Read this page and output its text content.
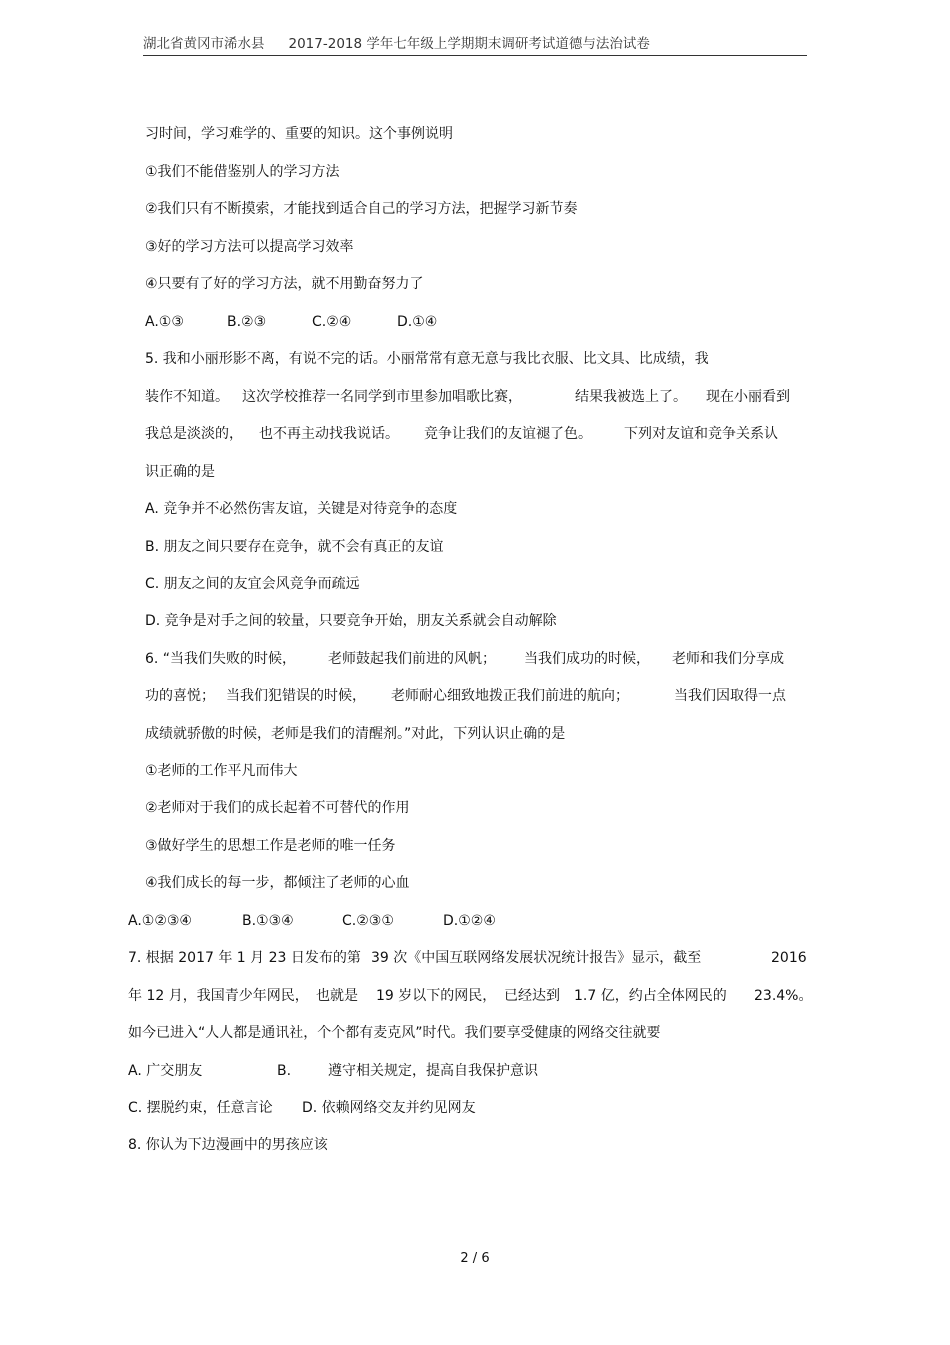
湖北省黄冈市浠水县 2017-2018 学年七年级上学期期末调研考试道德与法治试卷
习时间，学习难学的、重要的知识。这个事例说明
①我们不能借鉴别人的学习方法
②我们只有不断摸索，才能找到适合自己的学习方法，把握学习新节奏
③好的学习方法可以提高学习效率
④只要有了好的学习方法，就不用勤奋努力了
A.①③	B.②③	C.②④	D.①④
5. 我和小丽形影不离，有说不完的话。小丽常常有意无意与我比衣服、比文具、比成绩，我
装作不知道。 这次学校推荐一名同学到市里参加唱歌比赛，	结果我被选上了。 现在小丽看到
我总是淡淡的， 也不再主动找我说话。 竞争让我们的友谊褪了色。 下列对友谊和竞争关系认
识正确的是
A. 竞争并不必然伤害友谊，关键是对待竞争的态度
B. 朋友之间只要存在竞争，就不会有真正的友谊
C. 朋友之间的友宜会风竞争而疏远
D. 竞争是对手之间的较量，只要竞争开始，朋友关系就会自动解除
6. “当我们失败的时候， 老师鼓起我们前进的风帆； 当我们成功的时候， 老师和我们分享成
功的喜悦； 当我们犯错误的时候， 老师耐心细致地拨正我们前进的航向；	当我们因取得一点
成绩就骄傲的时候，老师是我们的清醒剂。”对此，下列认识止确的是
①老师的工作平凡而伟大
②老师对于我们的成长起着不可替代的作用
③做好学生的思想工作是老师的唯一任务
④我们成长的每一步，都倾注了老师的心血
A.①②③④	B.①③④	C.②③①	D.①②④
7. 根据 2017 年 1 月 23 日发布的第 39 次《中国互联网络发展状况统计报告》显示，截至	2016
年 12 月，我国青少年网民， 也就是 19 岁以下的网民， 已经达到 1.7 亿，约占全体网民的 23.4%。
如今已进入“人人都是通讯社，个个都有麦克风”时代。我们要享受健康的网络交往就要
A. 广交朋友	B.	遵守相关规定，提高自我保护意识
C. 摆脱约束，任意言论 D. 依赖网络交友并约见网友
8. 你认为下边漫画中的男孩应该
2 / 6
